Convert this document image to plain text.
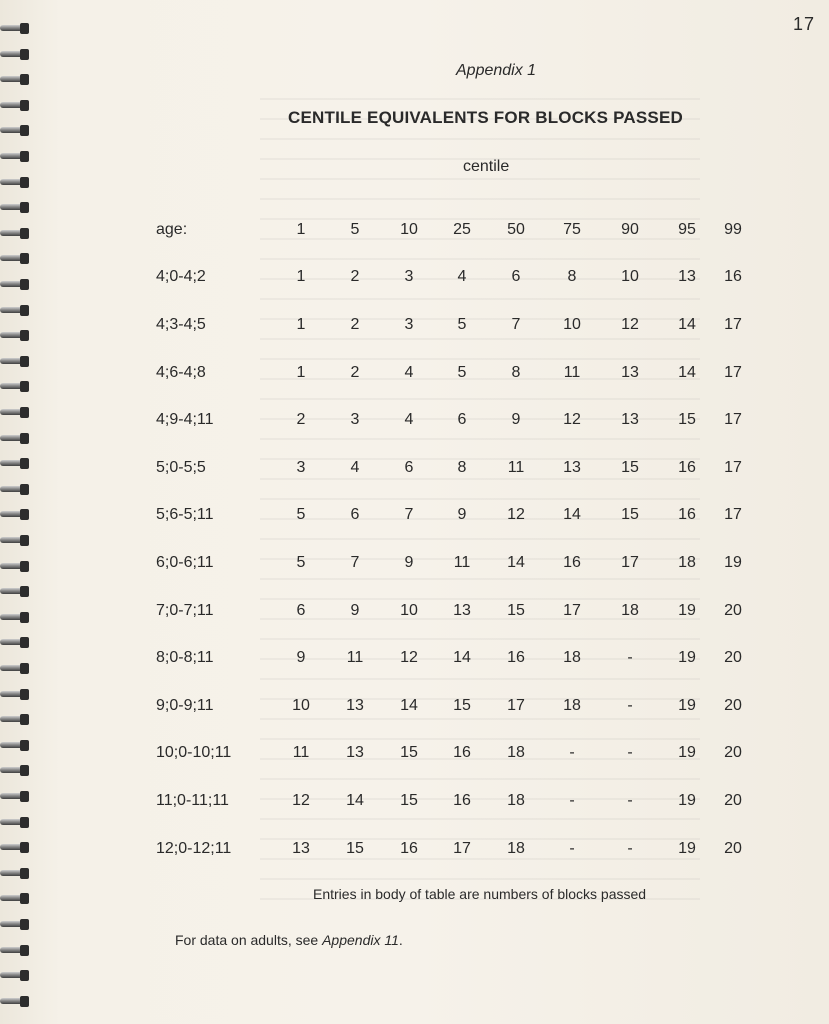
17
Appendix 1
CENTILE EQUIVALENTS FOR BLOCKS PASSED
centile
age:	1	5	10	25	50	75	90	95	99
4;0-4;2	1	2	3	4	6	8	10	13	16
4;3-4;5	1	2	3	5	7	10	12	14	17
4;6-4;8	1	2	4	5	8	11	13	14	17
4;9-4;11	2	3	4	6	9	12	13	15	17
5;0-5;5	3	4	6	8	11	13	15	16	17
5;6-5;11	5	6	7	9	12	14	15	16	17
6;0-6;11	5	7	9	11	14	16	17	18	19
7;0-7;11	6	9	10	13	15	17	18	19	20
8;0-8;11	9	11	12	14	16	18	-	19	20
9;0-9;11	10	13	14	15	17	18	-	19	20
10;0-10;11	11	13	15	16	18	-	-	19	20
11;0-11;11	12	14	15	16	18	-	-	19	20
12;0-12;11	13	15	16	17	18	-	-	19	20
Entries in body of table are numbers of blocks passed
For data on adults, see Appendix 11.
